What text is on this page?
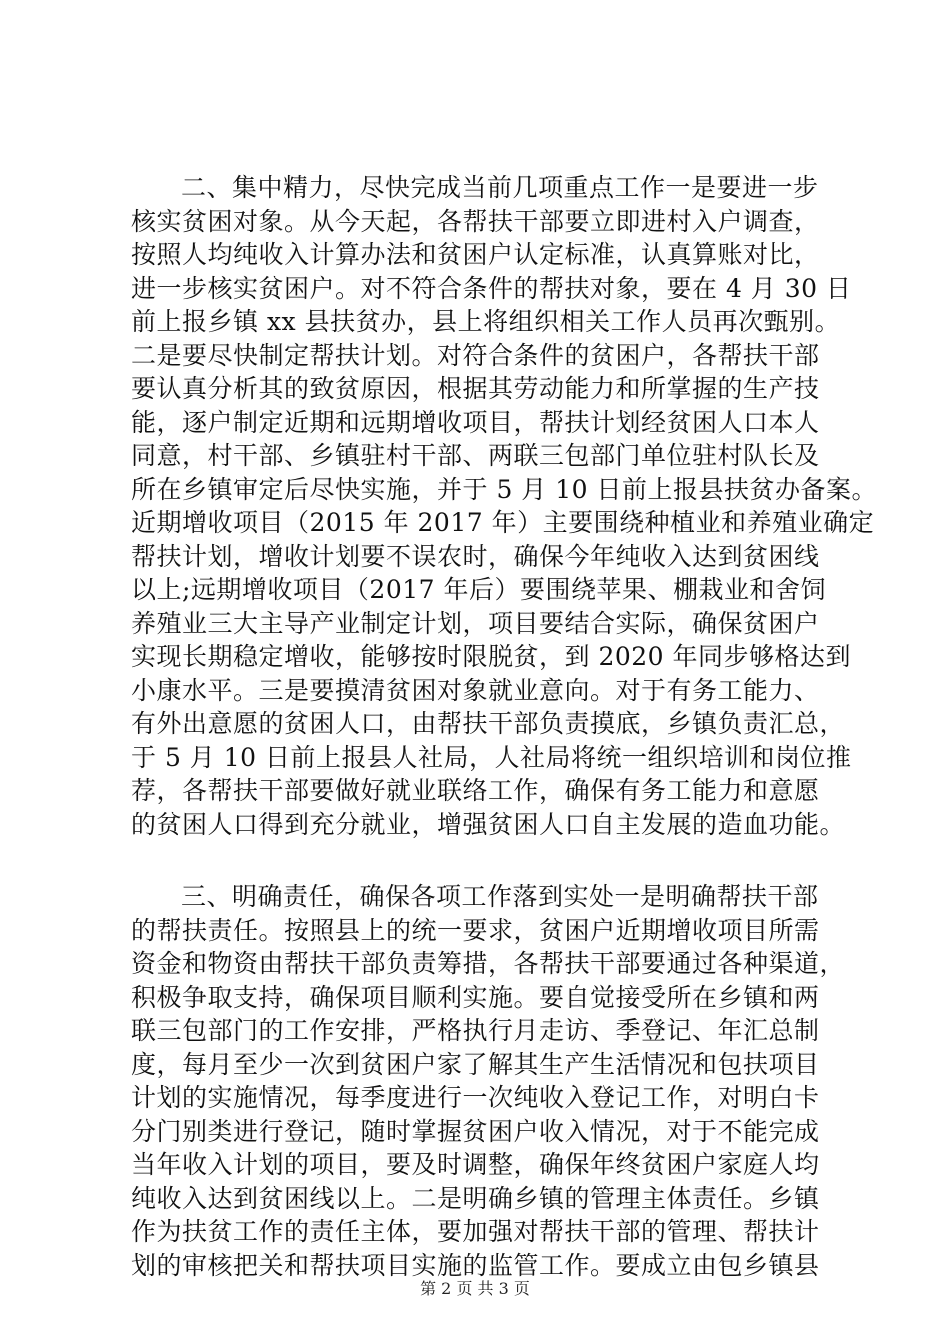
二、集中精力，尽快完成当前几项重点工作一是要进一步
核实贫困对象。从今天起，各帮扶干部要立即进村入户调查，
按照人均纯收入计算办法和贫困户认定标准，认真算账对比，
进一步核实贫困户。对不符合条件的帮扶对象，要在 4 月 30 日
前上报乡镇 xx 县扶贫办，县上将组织相关工作人员再次甄别。
二是要尽快制定帮扶计划。对符合条件的贫困户，各帮扶干部
要认真分析其的致贫原因，根据其劳动能力和所掌握的生产技
能，逐户制定近期和远期增收项目，帮扶计划经贫困人口本人
同意，村干部、乡镇驻村干部、两联三包部门单位驻村队长及
所在乡镇审定后尽快实施，并于 5 月 10 日前上报县扶贫办备案。
近期增收项目（2015 年 2017 年）主要围绕种植业和养殖业确定
帮扶计划，增收计划要不误农时，确保今年纯收入达到贫困线
以上;远期增收项目（2017 年后）要围绕苹果、棚栽业和舍饲
养殖业三大主导产业制定计划，项目要结合实际，确保贫困户
实现长期稳定增收，能够按时限脱贫，到 2020 年同步够格达到
小康水平。三是要摸清贫困对象就业意向。对于有务工能力、
有外出意愿的贫困人口，由帮扶干部负责摸底，乡镇负责汇总，
于 5 月 10 日前上报县人社局，人社局将统一组织培训和岗位推
荐，各帮扶干部要做好就业联络工作，确保有务工能力和意愿
的贫困人口得到充分就业，增强贫困人口自主发展的造血功能。
三、明确责任，确保各项工作落到实处一是明确帮扶干部
的帮扶责任。按照县上的统一要求，贫困户近期增收项目所需
资金和物资由帮扶干部负责筹措，各帮扶干部要通过各种渠道，
积极争取支持，确保项目顺利实施。要自觉接受所在乡镇和两
联三包部门的工作安排，严格执行月走访、季登记、年汇总制
度，每月至少一次到贫困户家了解其生产生活情况和包扶项目
计划的实施情况，每季度进行一次纯收入登记工作，对明白卡
分门别类进行登记，随时掌握贫困户收入情况，对于不能完成
当年收入计划的项目，要及时调整，确保年终贫困户家庭人均
纯收入达到贫困线以上。二是明确乡镇的管理主体责任。乡镇
作为扶贫工作的责任主体，要加强对帮扶干部的管理、帮扶计
划的审核把关和帮扶项目实施的监管工作。要成立由包乡镇县
第 2 页 共 3 页
